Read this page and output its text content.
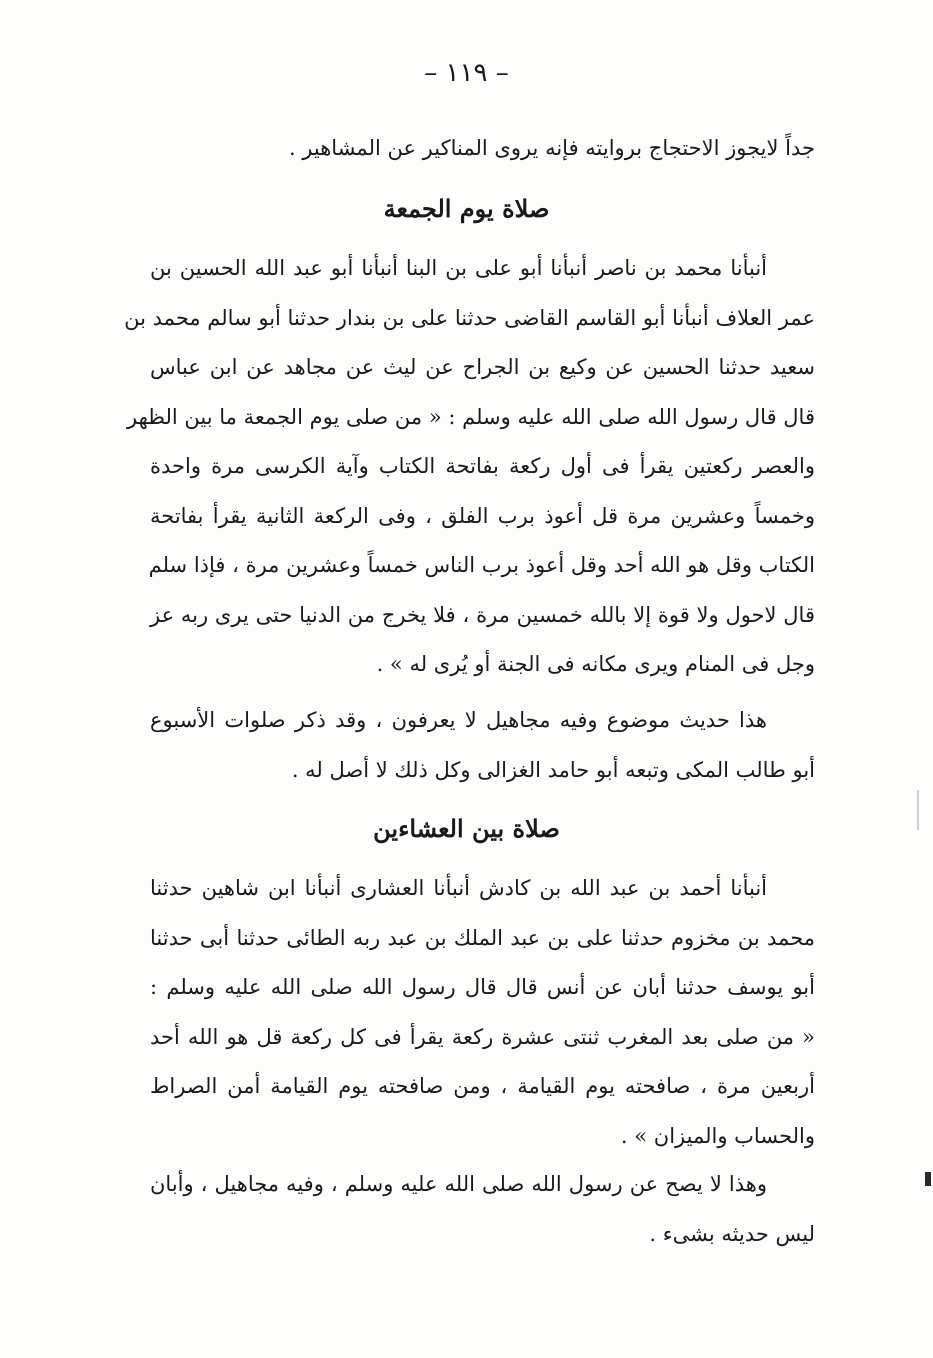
– ١١٩ –
جداً لايجوز الاحتجاج بروايته فإنه يروى المناكير عن المشاهير .
صلاة يوم الجمعة
أنبأنا محمد بن ناصر أنبأنا أبو على بن البنا أنبأنا أبو عبد الله الحسين بن
عمر العلاف أنبأنا أبو القاسم القاضى حدثنا على بن بندار حدثنا أبو سالم محمد بن
سعيد حدثنا الحسين عن وكيع بن الجراح عن ليث عن مجاهد عن ابن عباس
قال قال رسول الله صلى الله عليه وسلم : « من صلى يوم الجمعة ما بين الظهر
والعصر ركعتين يقرأ فى أول ركعة بفاتحة الكتاب وآية الكرسى مرة واحدة
وخمساً وعشرين مرة قل أعوذ برب الفلق ، وفى الركعة الثانية يقرأ بفاتحة
الكتاب وقل هو الله أحد وقل أعوذ برب الناس خمساً وعشرين مرة ، فإذا سلم
قال لاحول ولا قوة إلا بالله خمسين مرة ، فلا يخرج من الدنيا حتى يرى ربه عز
وجل فى المنام ويرى مكانه فى الجنة أو يُرى له » .
هذا حديث موضوع وفيه مجاهيل لا يعرفون ، وقد ذكر صلوات الأسبوع
أبو طالب المكى وتبعه أبو حامد الغزالى وكل ذلك لا أصل له .
صلاة بين العشاءين
أنبأنا أحمد بن عبد الله بن كادش أنبأنا العشارى أنبأنا ابن شاهين حدثنا
محمد بن مخزوم حدثنا على بن عبد الملك بن عبد ربه الطائى حدثنا أبى حدثنا
أبو يوسف حدثنا أبان عن أنس قال قال رسول الله صلى الله عليه وسلم :
« من صلى بعد المغرب ثنتى عشرة ركعة يقرأ فى كل ركعة قل هو الله أحد
أربعين مرة ، صافحته يوم القيامة ، ومن صافحته يوم القيامة أمن الصراط
والحساب والميزان » .
وهذا لا يصح عن رسول الله صلى الله عليه وسلم ، وفيه مجاهيل ، وأبان
ليس حديثه بشىء .
